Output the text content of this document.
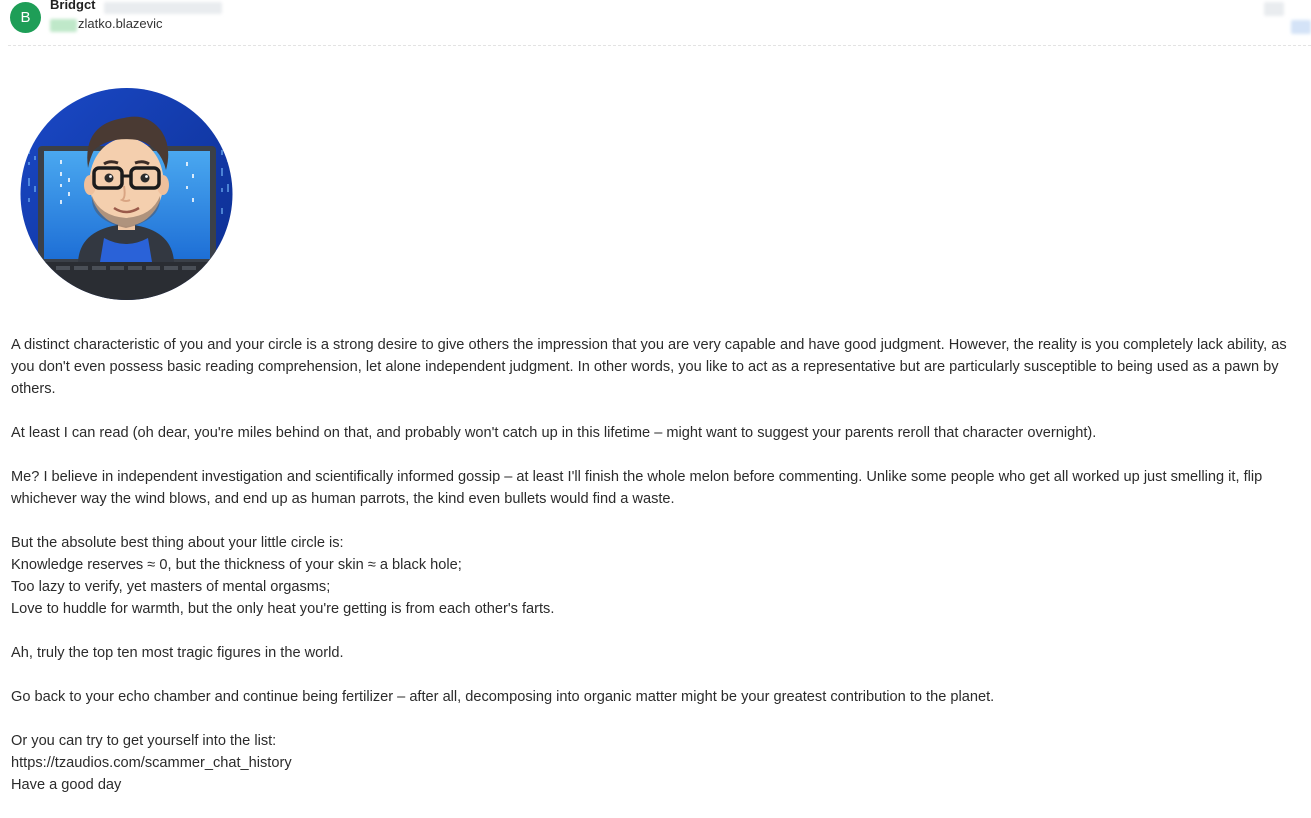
B
Bridgct
zlatko.blazevic

A distinct characteristic of you and your circle is a strong desire to give others the impression that you are very capable and have good judgment. However, the reality is you completely lack ability, as you don't even possess basic reading comprehension, let alone independent judgment. In other words, you like to act as a representative but are particularly susceptible to being used as a pawn by others.

At least I can read (oh dear, you're miles behind on that, and probably won't catch up in this lifetime – might want to suggest your parents reroll that character overnight).

Me? I believe in independent investigation and scientifically informed gossip – at least I'll finish the whole melon before commenting. Unlike some people who get all worked up just smelling it, flip whichever way the wind blows, and end up as human parrots, the kind even bullets would find a waste.

But the absolute best thing about your little circle is:
Knowledge reserves ≈ 0, but the thickness of your skin ≈ a black hole;
Too lazy to verify, yet masters of mental orgasms;
Love to huddle for warmth, but the only heat you're getting is from each other's farts.

Ah, truly the top ten most tragic figures in the world.

Go back to your echo chamber and continue being fertilizer – after all, decomposing into organic matter might be your greatest contribution to the planet.

Or you can try to get yourself into the list:
https://tzaudios.com/scammer_chat_history
Have a good day
